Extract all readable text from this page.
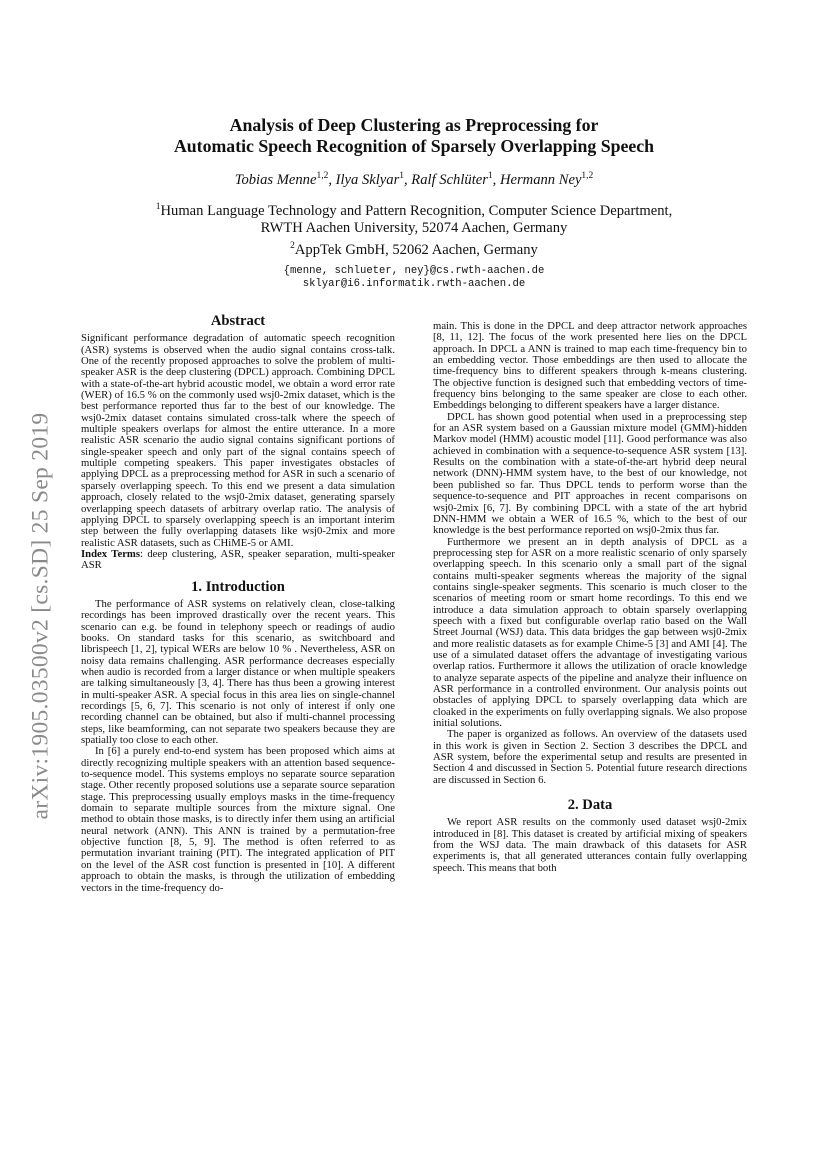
arXiv:1905.03500v2 [cs.SD] 25 Sep 2019
Analysis of Deep Clustering as Preprocessing for
Automatic Speech Recognition of Sparsely Overlapping Speech
Tobias Menne$^{1,2}$, Ilya Sklyar$^1$, Ralf Schlüter$^1$, Hermann Ney$^{1,2}$
$^1$Human Language Technology and Pattern Recognition, Computer Science Department,
RWTH Aachen University, 52074 Aachen, Germany
$^2$AppTek GmbH, 52062 Aachen, Germany
{menne, schlueter, ney}@cs.rwth-aachen.de
sklyar@i6.informatik.rwth-aachen.de
Abstract

Significant performance degradation of automatic speech recognition (ASR) systems is observed when the audio signal contains cross-talk. One of the recently proposed approaches to solve the problem of multi-speaker ASR is the deep clustering (DPCL) approach. Combining DPCL with a state-of-the-art hybrid acoustic model, we obtain a word error rate (WER) of 16.5 % on the commonly used wsj0-2mix dataset, which is the best performance reported thus far to the best of our knowledge. The wsj0-2mix dataset contains simulated cross-talk where the speech of multiple speakers overlaps for almost the entire utterance. In a more realistic ASR scenario the audio signal contains significant portions of single-speaker speech and only part of the signal contains speech of multiple competing speakers. This paper investigates obstacles of applying DPCL as a preprocessing method for ASR in such a scenario of sparsely overlapping speech. To this end we present a data simulation approach, closely related to the wsj0-2mix dataset, generating sparsely overlapping speech datasets of arbitrary overlap ratio. The analysis of applying DPCL to sparsely overlapping speech is an important interim step between the fully overlapping datasets like wsj0-2mix and more realistic ASR datasets, such as CHiME-5 or AMI.

Index Terms: deep clustering, ASR, speaker separation, multi-speaker ASR

1. Introduction

The performance of ASR systems on relatively clean, close-talking recordings has been improved drastically over the recent years. This scenario can e.g. be found in telephony speech or readings of audio books. On standard tasks for this scenario, as switchboard and librispeech [1, 2], typical WERs are below 10 % . Nevertheless, ASR on noisy data remains challenging. ASR performance decreases especially when audio is recorded from a larger distance or when multiple speakers are talking simultaneously [3, 4]. There has thus been a growing interest in multi-speaker ASR. A special focus in this area lies on single-channel recordings [5, 6, 7]. This scenario is not only of interest if only one recording channel can be obtained, but also if multi-channel processing steps, like beamforming, can not separate two speakers because they are spatially too close to each other.

In [6] a purely end-to-end system has been proposed which aims at directly recognizing multiple speakers with an attention based sequence-to-sequence model. This systems employs no separate source separation stage. Other recently proposed solutions use a separate source separation stage. This preprocessing usually employs masks in the time-frequency domain to separate multiple sources from the mixture signal. One method to obtain those masks, is to directly infer them using an artificial neural network (ANN). This ANN is trained by a permutation-free objective function [8, 5, 9]. The method is often referred to as permutation invariant training (PIT). The integrated application of PIT on the level of the ASR cost function is presented in [10]. A different approach to obtain the masks, is through the utilization of embedding vectors in the time-frequency do-

main. This is done in the DPCL and deep attractor network approaches [8, 11, 12]. The focus of the work presented here lies on the DPCL approach. In DPCL a ANN is trained to map each time-frequency bin to an embedding vector. Those embeddings are then used to allocate the time-frequency bins to different speakers through k-means clustering. The objective function is designed such that embedding vectors of time-frequency bins belonging to the same speaker are close to each other. Embeddings belonging to different speakers have a larger distance.

DPCL has shown good potential when used in a preprocessing step for an ASR system based on a Gaussian mixture model (GMM)-hidden Markov model (HMM) acoustic model [11]. Good performance was also achieved in combination with a sequence-to-sequence ASR system [13]. Results on the combination with a state-of-the-art hybrid deep neural network (DNN)-HMM system have, to the best of our knowledge, not been published so far. Thus DPCL tends to perform worse than the sequence-to-sequence and PIT approaches in recent comparisons on wsj0-2mix [6, 7]. By combining DPCL with a state of the art hybrid DNN-HMM we obtain a WER of 16.5 %, which to the best of our knowledge is the best performance reported on wsj0-2mix thus far.

Furthermore we present an in depth analysis of DPCL as a preprocessing step for ASR on a more realistic scenario of only sparsely overlapping speech. In this scenario only a small part of the signal contains multi-speaker segments whereas the majority of the signal contains single-speaker segments. This scenario is much closer to the scenarios of meeting room or smart home recordings. To this end we introduce a data simulation approach to obtain sparsely overlapping speech with a fixed but configurable overlap ratio based on the Wall Street Journal (WSJ) data. This data bridges the gap between wsj0-2mix and more realistic datasets as for example Chime-5 [3] and AMI [4]. The use of a simulated dataset offers the advantage of investigating various overlap ratios. Furthermore it allows the utilization of oracle knowledge to analyze separate aspects of the pipeline and analyze their influence on ASR performance in a controlled environment. Our analysis points out obstacles of applying DPCL to sparsely overlapping data which are cloaked in the experiments on fully overlapping signals. We also propose initial solutions.

The paper is organized as follows. An overview of the datasets used in this work is given in Section 2. Section 3 describes the DPCL and ASR system, before the experimental setup and results are presented in Section 4 and discussed in Section 5. Potential future research directions are discussed in Section 6.

2. Data

We report ASR results on the commonly used dataset wsj0-2mix introduced in [8]. This dataset is created by artificial mixing of speakers from the WSJ data. The main drawback of this datasets for ASR experiments is, that all generated utterances contain fully overlapping speech. This means that both
